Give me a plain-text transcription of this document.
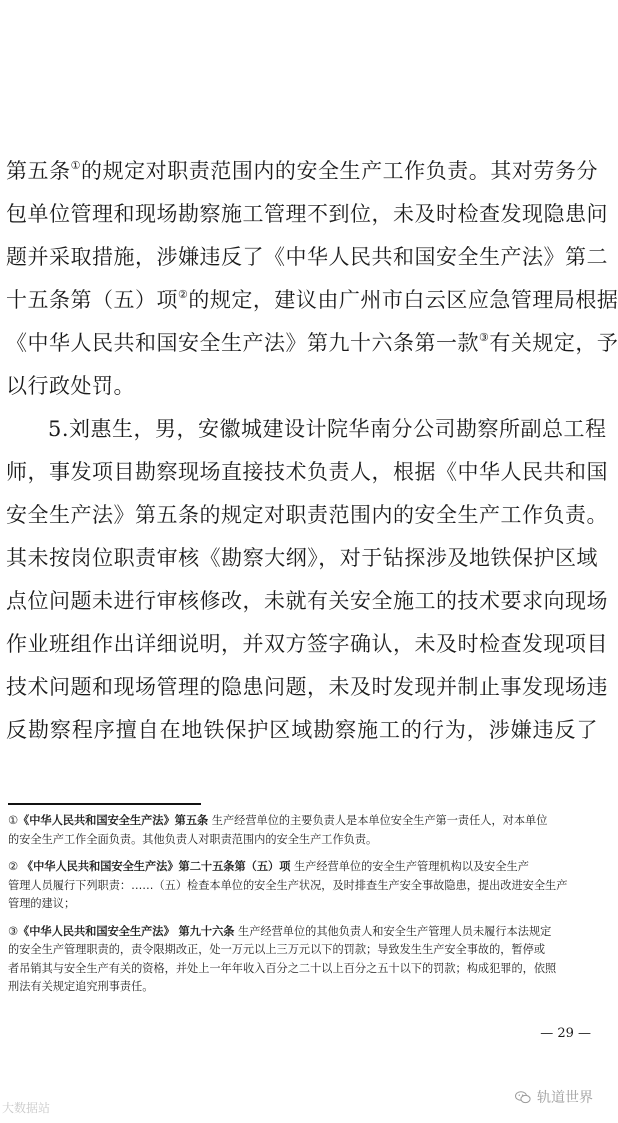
第五条①的规定对职责范围内的安全生产工作负责。其对劳务分
包单位管理和现场勘察施工管理不到位，未及时检查发现隐患问
题并采取措施，涉嫌违反了《中华人民共和国安全生产法》第二
十五条第（五）项②的规定，建议由广州市白云区应急管理局根据
《中华人民共和国安全生产法》第九十六条第一款③有关规定，予
以行政处罚。
5.刘惠生，男，安徽城建设计院华南分公司勘察所副总工程
师，事发项目勘察现场直接技术负责人，根据《中华人民共和国
安全生产法》第五条的规定对职责范围内的安全生产工作负责。
其未按岗位职责审核《勘察大纲》，对于钻探涉及地铁保护区域
点位问题未进行审核修改，未就有关安全施工的技术要求向现场
作业班组作出详细说明，并双方签字确认，未及时检查发现项目
技术问题和现场管理的隐患问题，未及时发现并制止事发现场违
反勘察程序擅自在地铁保护区域勘察施工的行为，涉嫌违反了
①《中华人民共和国安全生产法》第五条 生产经营单位的主要负责人是本单位安全生产第一责任人，对本单位
的安全生产工作全面负责。其他负责人对职责范围内的安全生产工作负责。
② 《中华人民共和国安全生产法》第二十五条第（五）项 生产经营单位的安全生产管理机构以及安全生产
管理人员履行下列职责：……（五）检查本单位的安全生产状况，及时排查生产安全事故隐患，提出改进安全生产
管理的建议；
③《中华人民共和国安全生产法》 第九十六条 生产经营单位的其他负责人和安全生产管理人员未履行本法规定
的安全生产管理职责的，责令限期改正，处一万元以上三万元以下的罚款；导致发生生产安全事故的，暂停或
者吊销其与安全生产有关的资格，并处上一年年收入百分之二十以上百分之五十以下的罚款；构成犯罪的，依照
刑法有关规定追究刑事责任。
— 29 —
大数据站
轨道世界
